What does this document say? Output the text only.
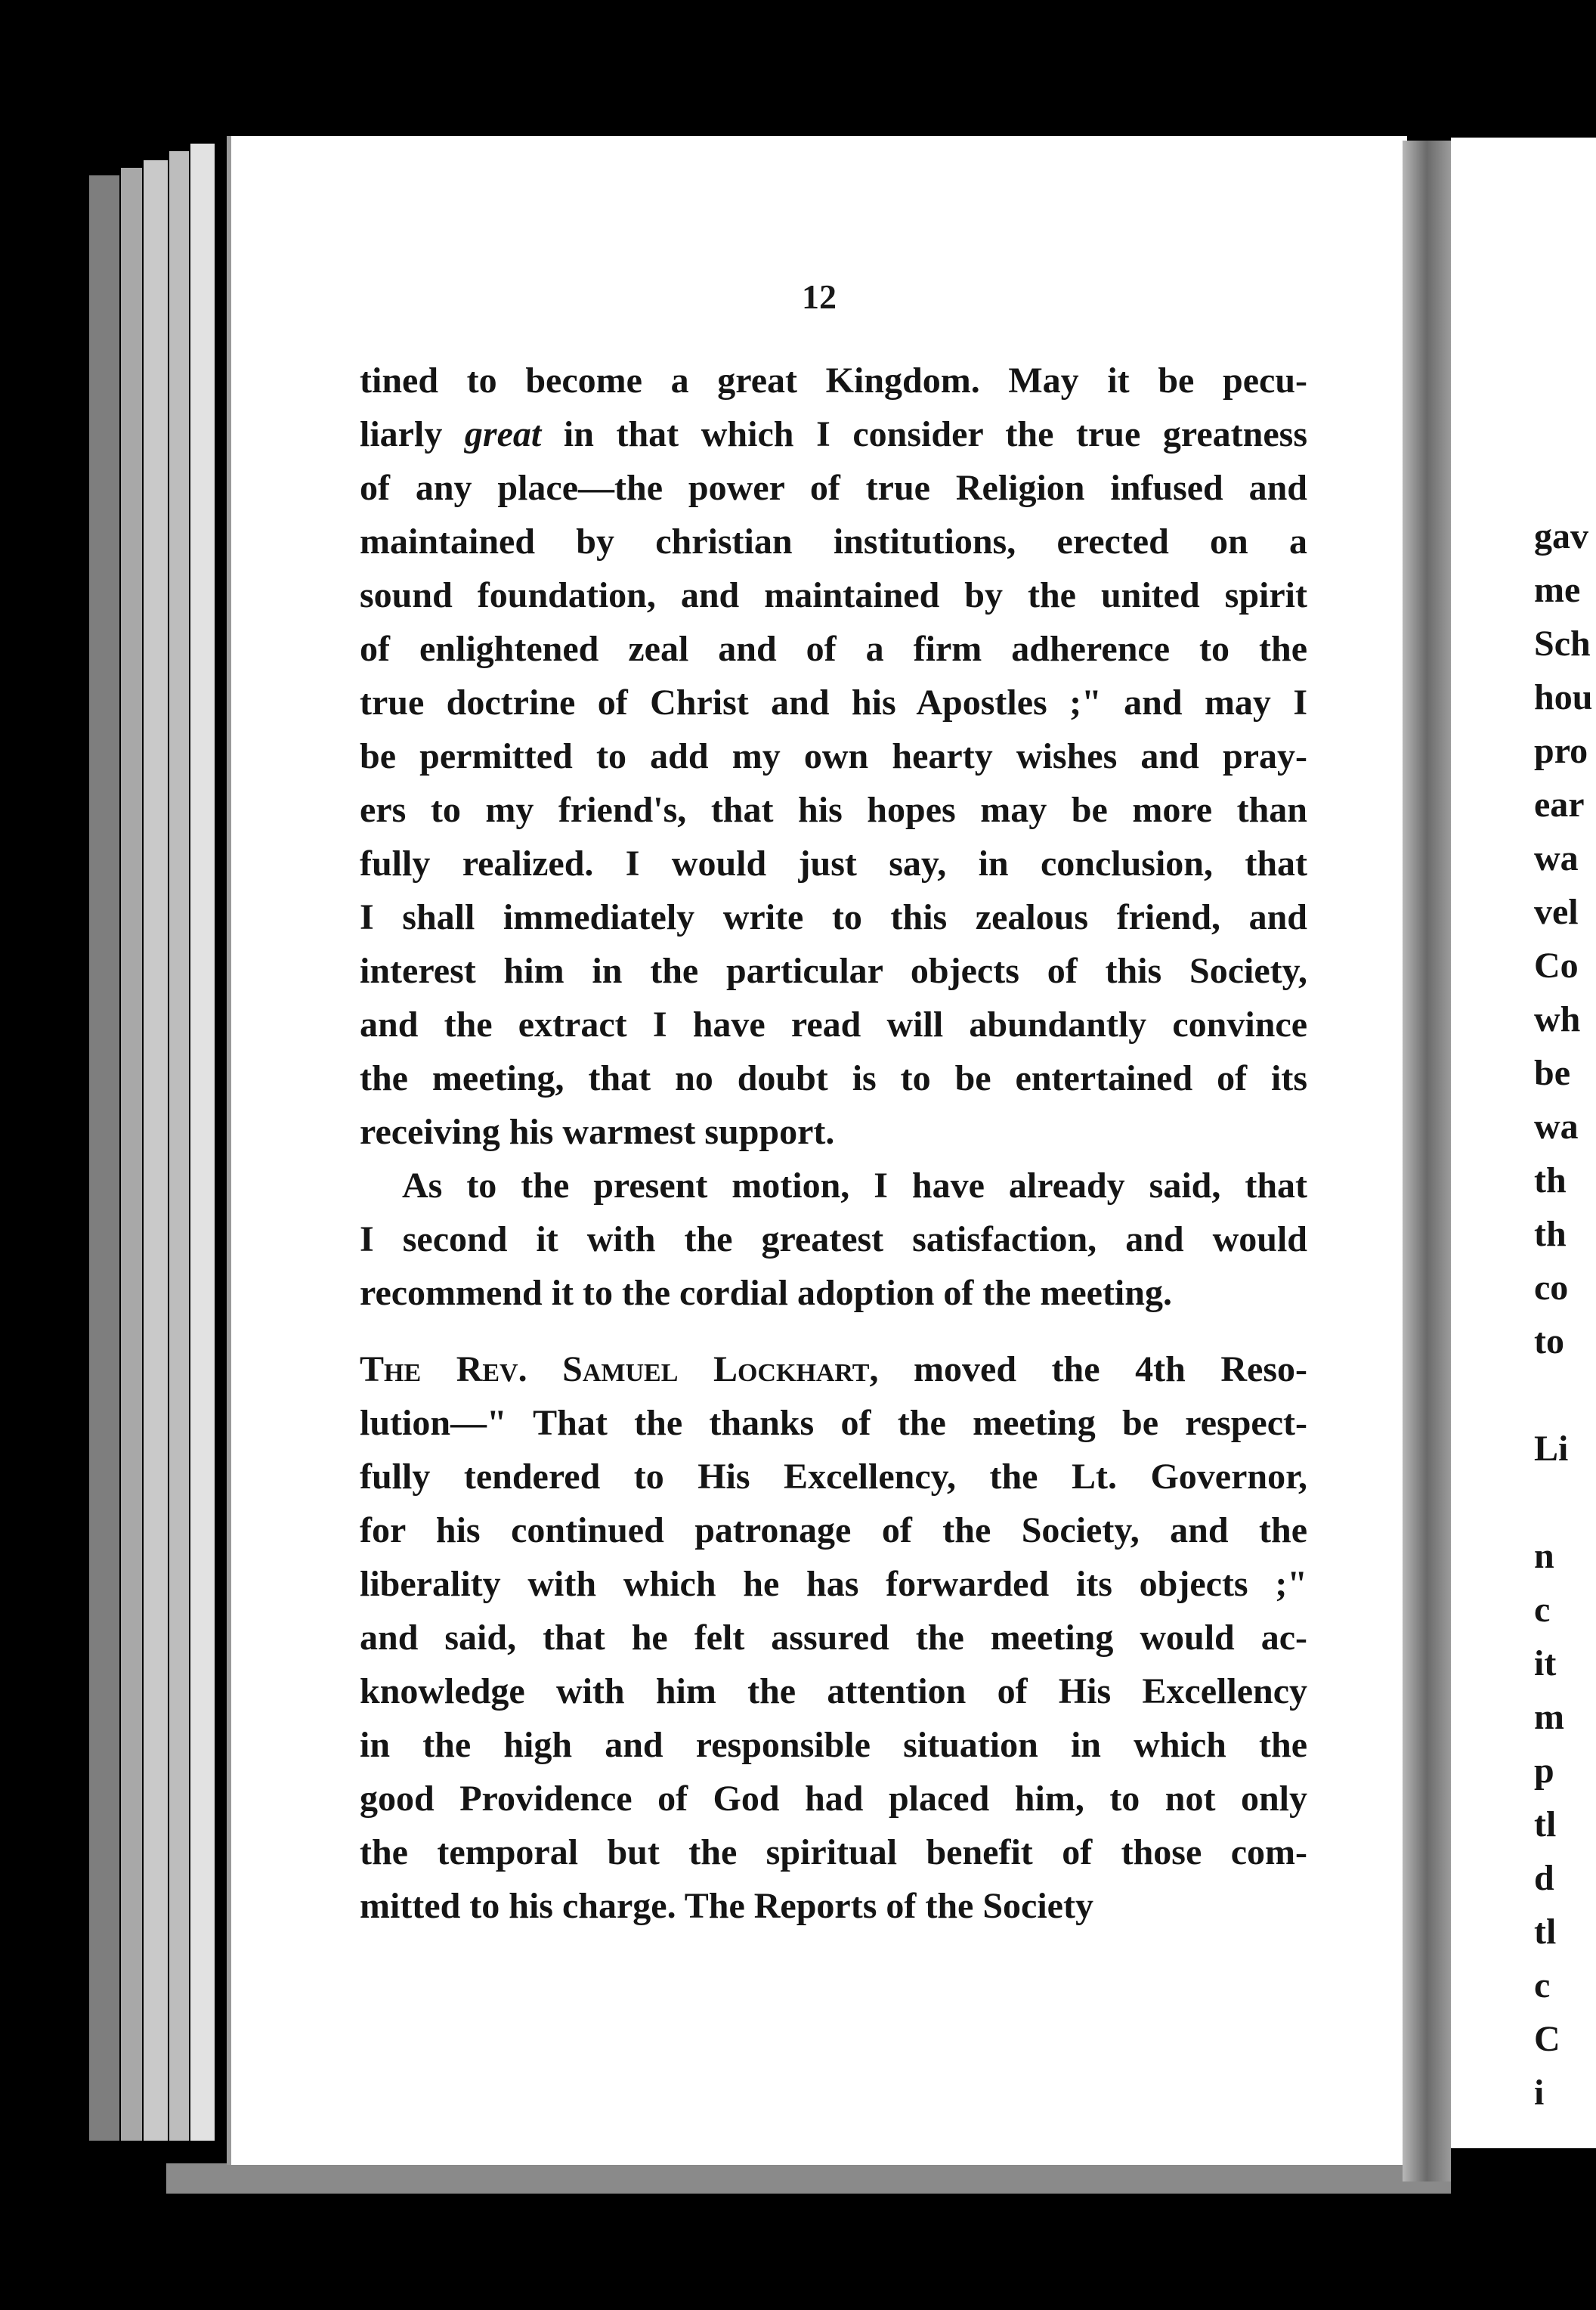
12

tined to become a great Kingdom. May it be pecu-
liarly great in that which I consider the true greatness
of any place—the power of true Religion infused and
maintained by christian institutions, erected on a
sound foundation, and maintained by the united spirit
of enlightened zeal and of a firm adherence to the
true doctrine of Christ and his Apostles ;" and may I
be permitted to add my own hearty wishes and pray-
ers to my friend's, that his hopes may be more than
fully realized. I would just say, in conclusion, that
I shall immediately write to this zealous friend, and
interest him in the particular objects of this Society,
and the extract I have read will abundantly convince
the meeting, that no doubt is to be entertained of its
receiving his warmest support.
As to the present motion, I have already said, that
I second it with the greatest satisfaction, and would
recommend it to the cordial adoption of the meeting.
The Rev. Samuel Lockhart, moved the 4th Reso-
lution—" That the thanks of the meeting be respect-
fully tendered to His Excellency, the Lt. Governor,
for his continued patronage of the Society, and the
liberality with which he has forwarded its objects ;"
and said, that he felt assured the meeting would ac-
knowledge with him the attention of His Excellency
in the high and responsible situation in which the
good Providence of God had placed him, to not only
the temporal but the spiritual benefit of those com-
mitted to his charge. The Reports of the Society
gav
me
Sch
hou
pro
ear
wa
vel
Co
wh
be
wa
th
th
co
to
Li
n
c
it
m
p
tl
d
tl
c
C
i
